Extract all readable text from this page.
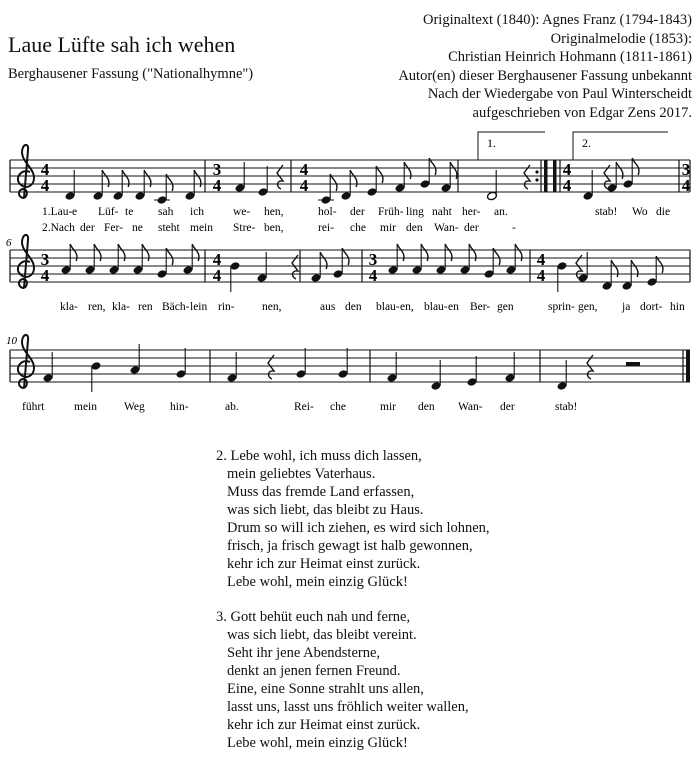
Laue Lüfte sah ich wehen
Berghausener Fassung ("Nationalhymne")
Originaltext (1840): Agnes Franz (1794-1843)
Originalmelodie (1853):
Christian Heinrich Hohmann (1811-1861)
Autor(en) dieser Berghausener Fassung unbekannt
Nach der Wiedergabe von Paul Winterscheidt
aufgeschrieben von Edgar Zens 2017.
1.	2.
6
10
4
4
3
4
4
4
4
4
3
4
3
4
4
4
3
4
4
4
1.Lau- e Lüf- te sah ich	we- hen,	hol- der Früh- ling naht her- an.	stab! Wo die
2.Nach der Fer- ne steht mein Stre- ben,	rei- che mir den Wan- der	-
kla- ren, kla- ren Bäch- lein rin- nen,	aus den blau- en, blau- en Ber- gen	sprin- gen, ja dort- hin
führt	mein Weg hin-	ab.	Rei- che	mir den Wan- der	stab!
2. Lebe wohl, ich muss dich lassen,
mein geliebtes Vaterhaus.
Muss das fremde Land erfassen,
was sich liebt, das bleibt zu Haus.
Drum so will ich ziehen, es wird sich lohnen,
frisch, ja frisch gewagt ist halb gewonnen,
kehr ich zur Heimat einst zurück.
Lebe wohl, mein einzig Glück!
3. Gott behüt euch nah und ferne,
was sich liebt, das bleibt vereint.
Seht ihr jene Abendsterne,
denkt an jenen fernen Freund.
Eine, eine Sonne strahlt uns allen,
lasst uns, lasst uns fröhlich weiter wallen,
kehr ich zur Heimat einst zurück.
Lebe wohl, mein einzig Glück!
